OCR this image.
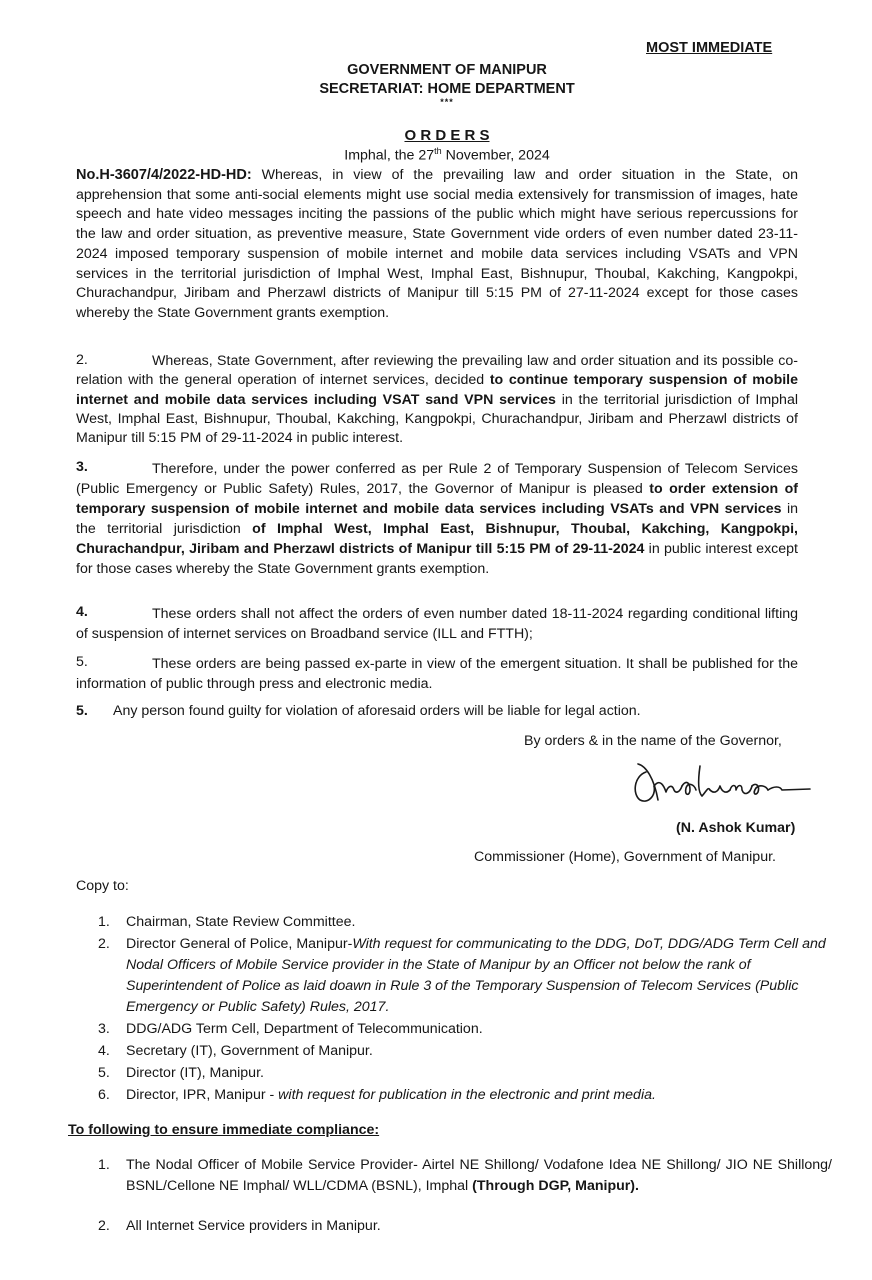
MOST IMMEDIATE
GOVERNMENT OF MANIPUR
SECRETARIAT: HOME DEPARTMENT
***
O R D E R S
Imphal, the 27th November, 2024
No.H-3607/4/2022-HD-HD: Whereas, in view of the prevailing law and order situation in the State, on apprehension that some anti-social elements might use social media extensively for transmission of images, hate speech and hate video messages inciting the passions of the public which might have serious repercussions for the law and order situation, as preventive measure, State Government vide orders of even number dated 23-11-2024 imposed temporary suspension of mobile internet and mobile data services including VSATs and VPN services in the territorial jurisdiction of Imphal West, Imphal East, Bishnupur, Thoubal, Kakching, Kangpokpi, Churachandpur, Jiribam and Pherzawl districts of Manipur till 5:15 PM of 27-11-2024 except for those cases whereby the State Government grants exemption.
2.	Whereas, State Government, after reviewing the prevailing law and order situation and its possible co-relation with the general operation of internet services, decided to continue temporary suspension of mobile internet and mobile data services including VSAT sand VPN services in the territorial jurisdiction of Imphal West, Imphal East, Bishnupur, Thoubal, Kakching, Kangpokpi, Churachandpur, Jiribam and Pherzawl districts of Manipur till 5:15 PM of 29-11-2024 in public interest.
3.	Therefore, under the power conferred as per Rule 2 of Temporary Suspension of Telecom Services (Public Emergency or Public Safety) Rules, 2017, the Governor of Manipur is pleased to order extension of temporary suspension of mobile internet and mobile data services including VSATs and VPN services in the territorial jurisdiction of Imphal West, Imphal East, Bishnupur, Thoubal, Kakching, Kangpokpi, Churachandpur, Jiribam and Pherzawl districts of Manipur till 5:15 PM of 29-11-2024 in public interest except for those cases whereby the State Government grants exemption.
4.	These orders shall not affect the orders of even number dated 18-11-2024 regarding conditional lifting of suspension of internet services on Broadband service (ILL and FTTH);
5.	These orders are being passed ex-parte in view of the emergent situation. It shall be published for the information of public through press and electronic media.
5. Any person found guilty for violation of aforesaid orders will be liable for legal action.
By orders & in the name of the Governor,
(N. Ashok Kumar)
Commissioner (Home), Government of Manipur.
Copy to:
1. Chairman, State Review Committee.
2. Director General of Police, Manipur-With request for communicating to the DDG, DoT, DDG/ADG Term Cell and Nodal Officers of Mobile Service provider in the State of Manipur by an Officer not below the rank of Superintendent of Police as laid doawn in Rule 3 of the Temporary Suspension of Telecom Services (Public Emergency or Public Safety) Rules, 2017.
3. DDG/ADG Term Cell, Department of Telecommunication.
4. Secretary (IT), Government of Manipur.
5. Director (IT), Manipur.
6. Director, IPR, Manipur - with request for publication in the electronic and print media.
To following to ensure immediate compliance:
1. The Nodal Officer of Mobile Service Provider- Airtel NE Shillong/ Vodafone Idea NE Shillong/ JIO NE Shillong/ BSNL/Cellone NE Imphal/ WLL/CDMA (BSNL), Imphal (Through DGP, Manipur).
2. All Internet Service providers in Manipur.
